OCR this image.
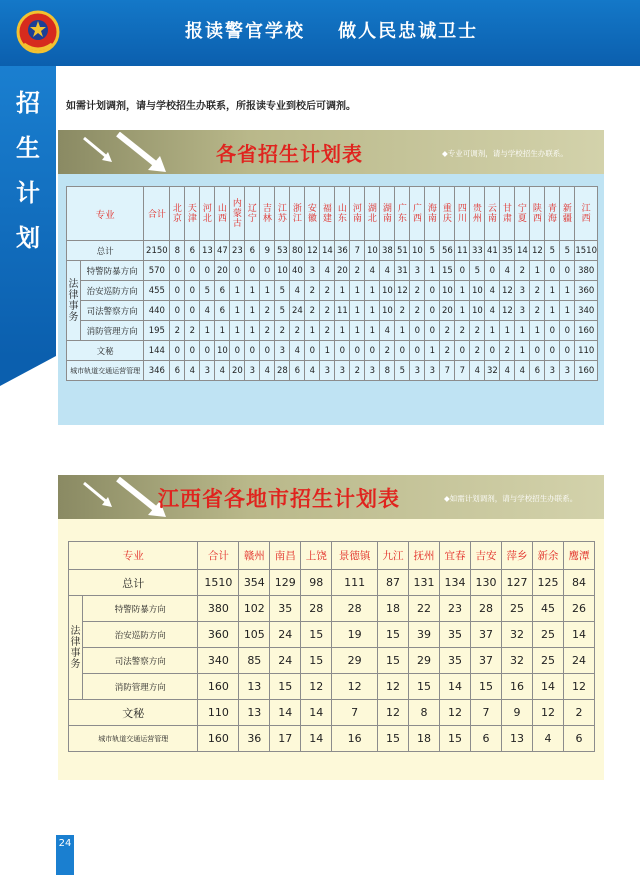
报读警官学校    做人民忠诚卫士
招
生
计
划
如需计划调剂，请与学校招生办联系，所报读专业到校后可调剂。
各省招生计划表	◆专业可调剂，请与学校招生办联系。
专业		合计	北京	天津	河北	山西	内蒙古	辽宁	吉林	江苏	浙江	安徽	福建	山东	河南	湖北	湖南	广东	广西	海南	重庆	四川	贵州	云南	甘肃	宁夏	陕西	青海	新疆	江西
总计		2150	8	6	13	47	23	6	9	53	80	12	14	36	7	10	38	51	10	5	56	11	33	41	35	14	12	5	5	1510
法律事务	特警防暴方向	570	0	0	0	20	0	0	0	10	40	3	4	20	2	4	4	31	3	1	15	0	5	0	4	2	1	0	0	380
	治安巡防方向	455	0	0	5	6	1	1	1	5	4	2	2	1	1	1	10	12	2	0	10	1	10	4	12	3	2	1	1	360
	司法警察方向	440	0	0	4	6	1	1	2	5	24	2	2	11	1	1	10	2	2	0	20	1	10	4	12	3	2	1	1	340
	消防管理方向	195	2	2	1	1	1	1	2	2	2	1	2	1	1	1	4	1	0	0	2	2	2	1	1	1	1	0	0	160
文秘		144	0	0	0	10	0	0	0	3	4	0	1	0	0	0	2	0	0	1	2	0	2	0	2	1	0	0	0	110
城市轨道交通运营管理		346	6	4	3	4	20	3	4	28	6	4	3	3	2	3	8	5	3	3	7	7	4	32	4	4	6	3	3	160
江西省各地市招生计划表	◆如需计划调剂，请与学校招生办联系。
专业		合计	赣州	南昌	上饶	景德镇	九江	抚州	宜春	吉安	萍乡	新余	鹰潭
总计		1510	354	129	98	111	87	131	134	130	127	125	84
法律事务	特警防暴方向	380	102	35	28	28	18	22	23	28	25	45	26
	治安巡防方向	360	105	24	15	19	15	39	35	37	32	25	14
	司法警察方向	340	85	24	15	29	15	29	35	37	32	25	24
	消防管理方向	160	13	15	12	12	12	15	14	15	16	14	12
文秘		110	13	14	14	7	12	8	12	7	9	12	2
城市轨道交通运营管理		160	36	17	14	16	15	18	15	6	13	4	6
24
